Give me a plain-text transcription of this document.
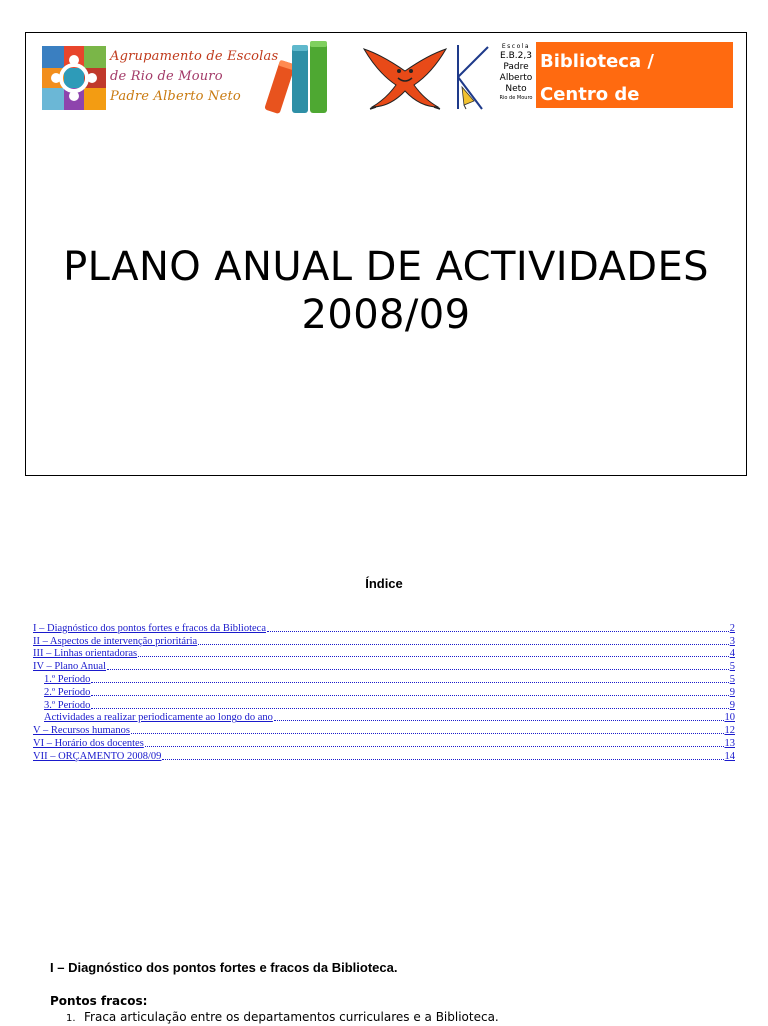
Agrupamento de Escolas
de Rio de Mouro
Padre Alberto Neto
Escola
E.B.2,3
Padre
Alberto
Neto
Rio de Mouro
Biblioteca /
Centro de
PLANO ANUAL DE ACTIVIDADES
2008/09
Índice
I – Diagnóstico dos pontos fortes e fracos da Biblioteca	2
II – Aspectos de intervenção prioritária	3
III – Linhas orientadoras	4
IV – Plano Anual	5
1.º Período	5
2.º Período	9
3.º Período	9
Actividades a realizar periodicamente ao longo do ano	10
V – Recursos humanos	12
VI – Horário dos docentes	13
VII – ORÇAMENTO 2008/09	14
I – Diagnóstico dos pontos fortes e fracos da Biblioteca.
Pontos fracos:
1. Fraca articulação entre os departamentos curriculares e a Biblioteca.
